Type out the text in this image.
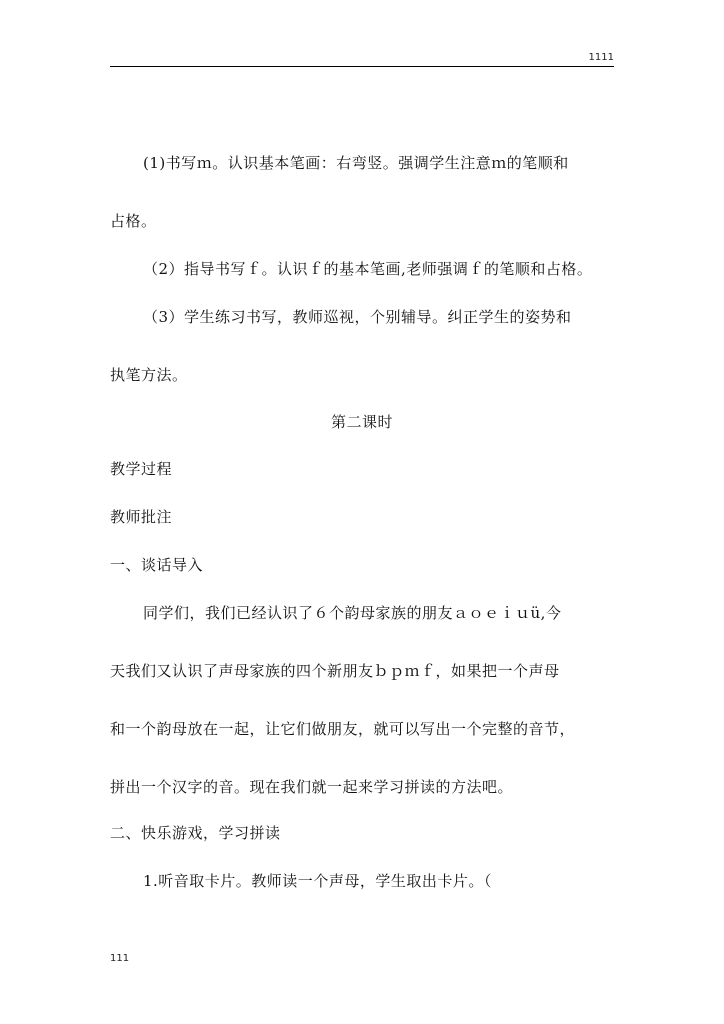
1111
(1)书写ｍ。认识基本笔画：右弯竖。强调学生注意ｍ的笔顺和
占格。
（2）指导书写ｆ。认识ｆ的基本笔画,老师强调ｆ的笔顺和占格。
（3）学生练习书写，教师巡视，个别辅导。纠正学生的姿势和
执笔方法。
第二课时
教学过程
教师批注
一、谈话导入
同学们，我们已经认识了６个韵母家族的朋友ａｏｅｉｕü,今
天我们又认识了声母家族的四个新朋友ｂｐｍｆ，如果把一个声母
和一个韵母放在一起，让它们做朋友，就可以写出一个完整的音节，
拼出一个汉字的音。现在我们就一起来学习拼读的方法吧。
二、快乐游戏，学习拼读
1.听音取卡片。教师读一个声母，学生取出卡片。（
111
